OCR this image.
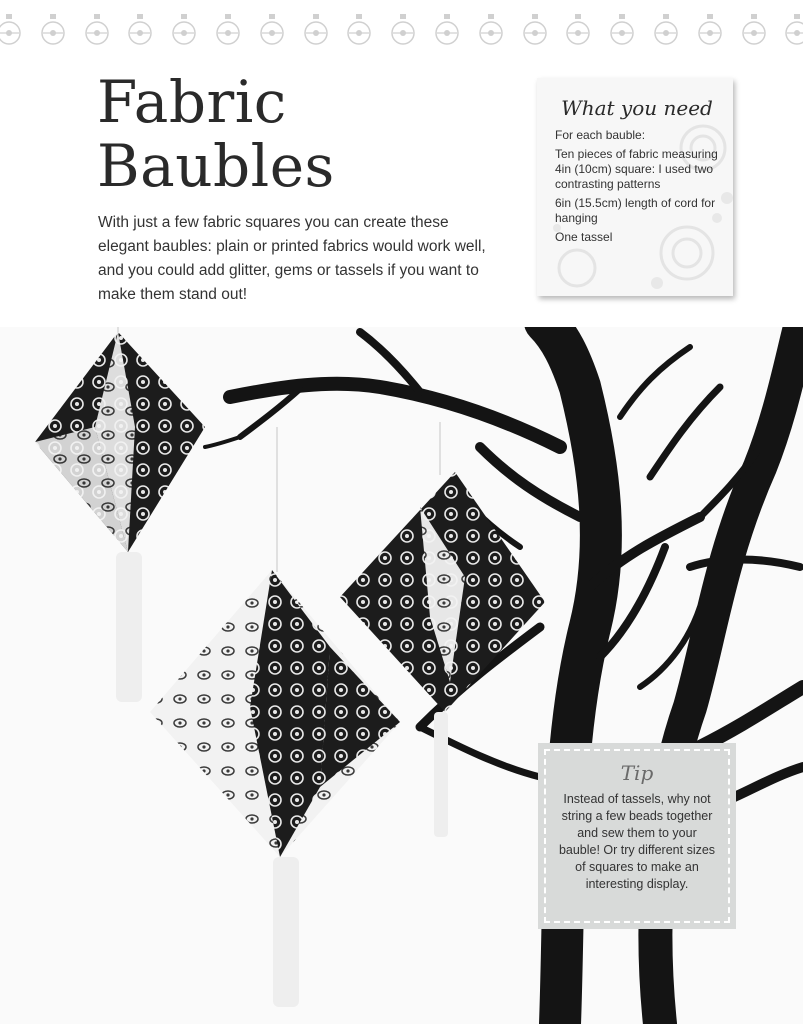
Fabric
Baubles

With just a few fabric squares you can create these elegant baubles: plain or printed fabrics would work well, and you could add glitter, gems or tassels if you want to make them stand out!

What you need

For each bauble:

Ten pieces of fabric measuring 4in (10cm) square: I used two contrasting patterns

6in (15.5cm) length of cord for hanging

One tassel

Tip

Instead of tassels, why not string a few beads together and sew them to your bauble! Or try different sizes of squares to make an interesting display.
